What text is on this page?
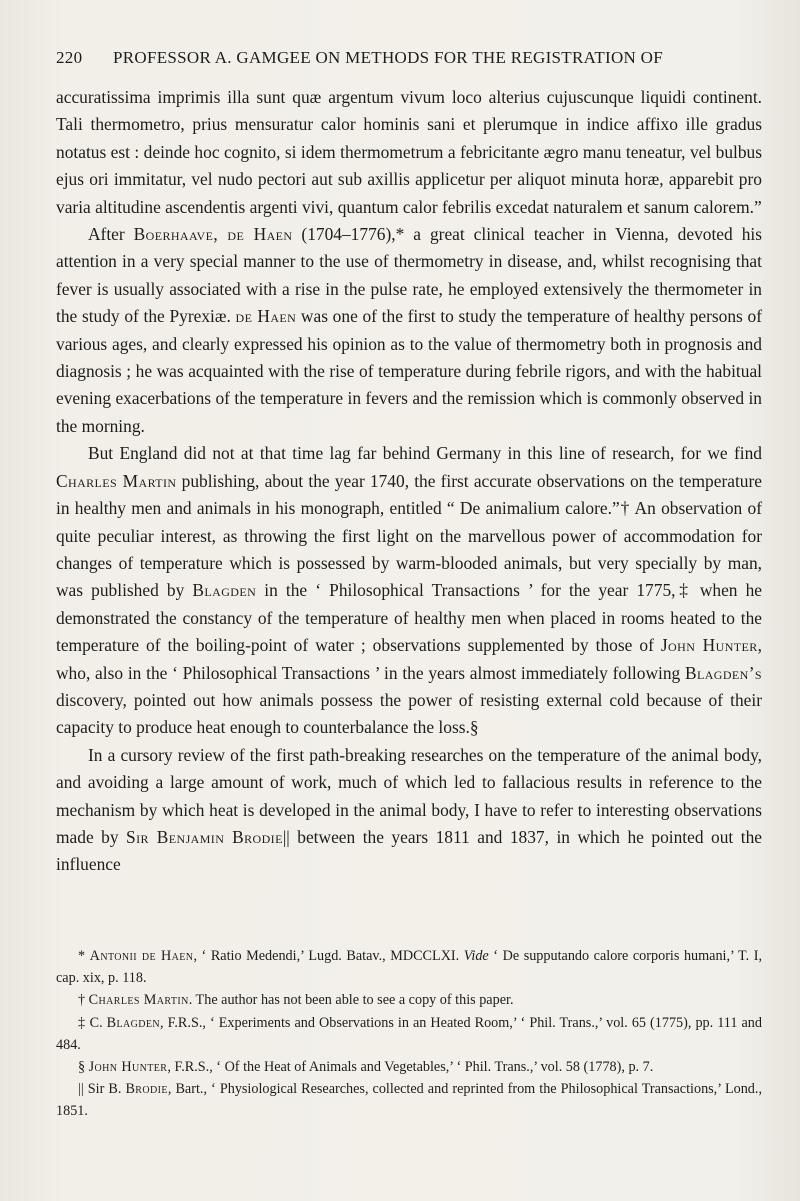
220 PROFESSOR A. GAMGEE ON METHODS FOR THE REGISTRATION OF

accuratissima imprimis illa sunt quæ argentum vivum loco alterius cujuscunque liquidi continent. Tali thermometro, prius mensuratur calor hominis sani et plerumque in indice affixo ille gradus notatus est : deinde hoc cognito, si idem thermometrum a febricitante ægro manu teneatur, vel bulbus ejus ori immitatur, vel nudo pectori aut sub axillis applicetur per aliquot minuta horæ, apparebit pro varia altitudine ascendentis argenti vivi, quantum calor febrilis excedat naturalem et sanum calorem.”

After Boerhaave, de Haen (1704–1776),* a great clinical teacher in Vienna, devoted his attention in a very special manner to the use of thermometry in disease, and, whilst recognising that fever is usually associated with a rise in the pulse rate, he employed extensively the thermometer in the study of the Pyrexiæ. de Haen was one of the first to study the temperature of healthy persons of various ages, and clearly expressed his opinion as to the value of thermometry both in prognosis and diagnosis ; he was acquainted with the rise of temperature during febrile rigors, and with the habitual evening exacerbations of the temperature in fevers and the remission which is commonly observed in the morning.

But England did not at that time lag far behind Germany in this line of research, for we find Charles Martin publishing, about the year 1740, the first accurate observations on the temperature in healthy men and animals in his monograph, entitled “ De animalium calore.”† An observation of quite peculiar interest, as throwing the first light on the marvellous power of accommodation for changes of temperature which is possessed by warm-blooded animals, but very specially by man, was published by Blagden in the ‘ Philosophical Transactions ’ for the year 1775,‡ when he demonstrated the constancy of the temperature of healthy men when placed in rooms heated to the temperature of the boiling-point of water ; observations supplemented by those of John Hunter, who, also in the ‘ Philosophical Transactions ’ in the years almost immediately following Blagden’s discovery, pointed out how animals possess the power of resisting external cold because of their capacity to produce heat enough to counterbalance the loss.§

In a cursory review of the first path-breaking researches on the temperature of the animal body, and avoiding a large amount of work, much of which led to fallacious results in reference to the mechanism by which heat is developed in the animal body, I have to refer to interesting observations made by Sir Benjamin Brodie|| between the years 1811 and 1837, in which he pointed out the influence

* Antonii de Haen, ‘ Ratio Medendi,’ Lugd. Batav., MDCCLXI. Vide ‘ De supputando calore corporis humani,’ T. I, cap. xix, p. 118.

† Charles Martin. The author has not been able to see a copy of this paper.

‡ C. Blagden, F.R.S., ‘ Experiments and Observations in an Heated Room,’ ‘ Phil. Trans.,’ vol. 65 (1775), pp. 111 and 484.

§ John Hunter, F.R.S., ‘ Of the Heat of Animals and Vegetables,’ ‘ Phil. Trans.,’ vol. 58 (1778), p. 7.

|| Sir B. Brodie, Bart., ‘ Physiological Researches, collected and reprinted from the Philosophical Transactions,’ Lond., 1851.
